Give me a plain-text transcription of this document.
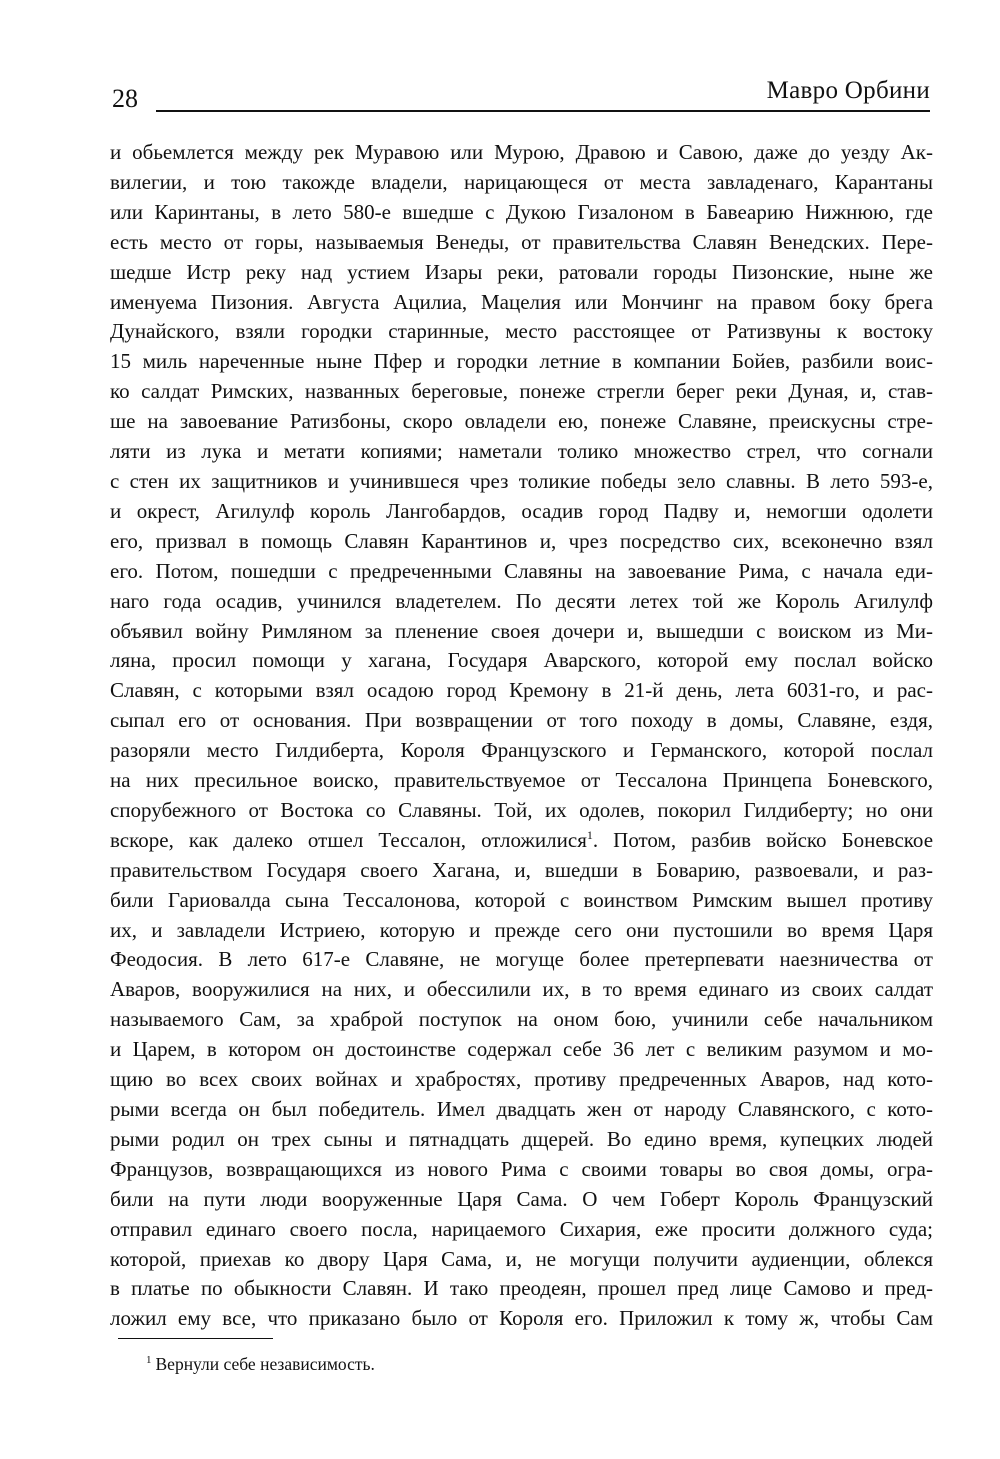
28	Мавро Орбини
и обьемлется между рек Муравою или Мурою, Дравою и Савою, даже до уезду Ак-
вилегии, и тою такожде владели, нарицающеся от места завладенаго, Карантаны
или Каринтаны, в лето 580-е вшедше с Дукою Гизалоном в Бавеарию Нижнюю, где
есть место от горы, называемыя Венеды, от правительства Славян Венедских. Пере-
шедше Истр реку над устием Изары реки, ратовали городы Пизонские, ныне же
именуема Пизония. Августа Ацилиа, Мацелия или Мончинг на правом боку брега
Дунайского, взяли городки старинные, место расстоящее от Ратизвуны к востоку
15 миль нареченные ныне Пфер и городки летние в компании Бойев, разбили воис-
ко салдат Римских, названных береговые, понеже стрегли берег реки Дуная, и, став-
ше на завоевание Ратизбоны, скоро овладели ею, понеже Славяне, преискусны стре-
ляти из лука и метати копиями; наметали толико множество стрел, что согнали
с стен их защитников и учинившеся чрез толикие победы зело славны. В лето 593-е,
и окрест, Агилулф король Лангобардов, осадив город Падву и, немогши одолети
его, призвал в помощь Славян Карантинов и, чрез посредство сих, всеконечно взял
его. Потом, пошедши с предреченными Славяны на завоевание Рима, с начала еди-
наго года осадив, учинился владетелем. По десяти летех той же Король Агилулф
объявил войну Римляном за пленение своея дочери и, вышедши с воиском из Ми-
ляна, просил помощи у хагана, Государя Аварского, которой ему послал войско
Славян, с которыми взял осадою город Кремону в 21-й день, лета 6031-го, и рас-
сыпал его от основания. При возвращении от того походу в домы, Славяне, ездя,
разоряли место Гилдиберта, Короля Французского и Германского, которой послал
на них пресильное воиско, правительствуемое от Тессалона Принцепа Боневского,
спорубежного от Востока со Славяны. Той, их одолев, покорил Гилдиберту; но они
вскоре, как далеко отшел Тессалон, отложилися$^1$. Потом, разбив войско Боневское
правительством Государя своего Хагана, и, вшедши в Боварию, развоевали, и раз-
били Гариовалда сына Тессалонова, которой с воинством Римским вышел противу
их, и завладели Истриею, которую и прежде сего они пустошили во время Царя
Феодосия. В лето 617-е Славяне, не могуще более претерпевати наезничества от
Аваров, вооружилися на них, и обессилили их, в то время единаго из своих салдат
называемого Сам, за храброй поступок на оном бою, учинили себе начальником
и Царем, в котором он достоинстве содержал себе 36 лет с великим разумом и мо-
щию во всех своих войнах и храбростях, противу предреченных Аваров, над кото-
рыми всегда он был победитель. Имел двадцать жен от народу Славянского, с кото-
рыми родил он трех сыны и пятнадцать дщерей. Во едино время, купецких людей
Французов, возвращающихся из нового Рима с своими товары во своя домы, огра-
били на пути люди вооруженные Царя Сама. О чем Гоберт Король Французский
отправил единаго своего посла, нарицаемого Сихария, еже просити должного суда;
которой, приехав ко двору Царя Сама, и, не могущи получити аудиенции, облекся
в платье по обыкности Славян. И тако преодеян, прошел пред лице Самово и пред-
ложил ему все, что приказано было от Короля его. Приложил к тому ж, чтобы Сам
$^1$ Вернули себе независимость.
